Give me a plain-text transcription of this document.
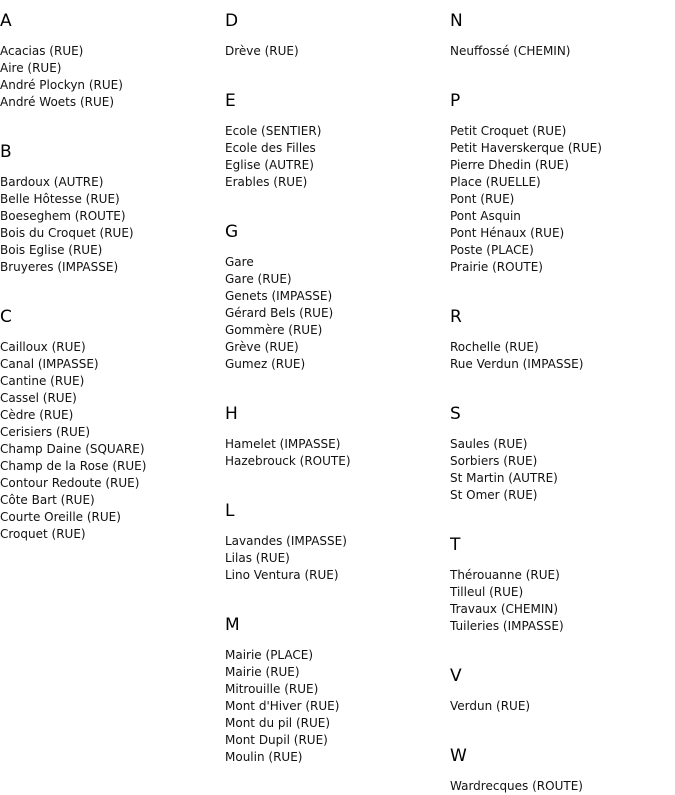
A
Acacias (RUE)
Aire (RUE)
André Plockyn (RUE)
André Woets (RUE)
B
Bardoux (AUTRE)
Belle Hôtesse (RUE)
Boeseghem (ROUTE)
Bois du Croquet (RUE)
Bois Eglise (RUE)
Bruyeres (IMPASSE)
C
Cailloux (RUE)
Canal (IMPASSE)
Cantine (RUE)
Cassel (RUE)
Cèdre (RUE)
Cerisiers (RUE)
Champ Daine (SQUARE)
Champ de la Rose (RUE)
Contour Redoute (RUE)
Côte Bart (RUE)
Courte Oreille (RUE)
Croquet (RUE)
D
Drève (RUE)
E
Ecole (SENTIER)
Ecole des Filles
Eglise (AUTRE)
Erables (RUE)
G
Gare
Gare (RUE)
Genets (IMPASSE)
Gérard Bels (RUE)
Gommère (RUE)
Grève (RUE)
Gumez (RUE)
H
Hamelet (IMPASSE)
Hazebrouck (ROUTE)
L
Lavandes (IMPASSE)
Lilas (RUE)
Lino Ventura (RUE)
M
Mairie (PLACE)
Mairie (RUE)
Mitrouille (RUE)
Mont d'Hiver (RUE)
Mont du pil (RUE)
Mont Dupil (RUE)
Moulin (RUE)
N
Neuffossé (CHEMIN)
P
Petit Croquet (RUE)
Petit Haverskerque (RUE)
Pierre Dhedin (RUE)
Place (RUELLE)
Pont (RUE)
Pont Asquin
Pont Hénaux (RUE)
Poste (PLACE)
Prairie (ROUTE)
R
Rochelle (RUE)
Rue Verdun (IMPASSE)
S
Saules (RUE)
Sorbiers (RUE)
St Martin (AUTRE)
St Omer (RUE)
T
Thérouanne (RUE)
Tilleul (RUE)
Travaux (CHEMIN)
Tuileries (IMPASSE)
V
Verdun (RUE)
W
Wardrecques (ROUTE)
